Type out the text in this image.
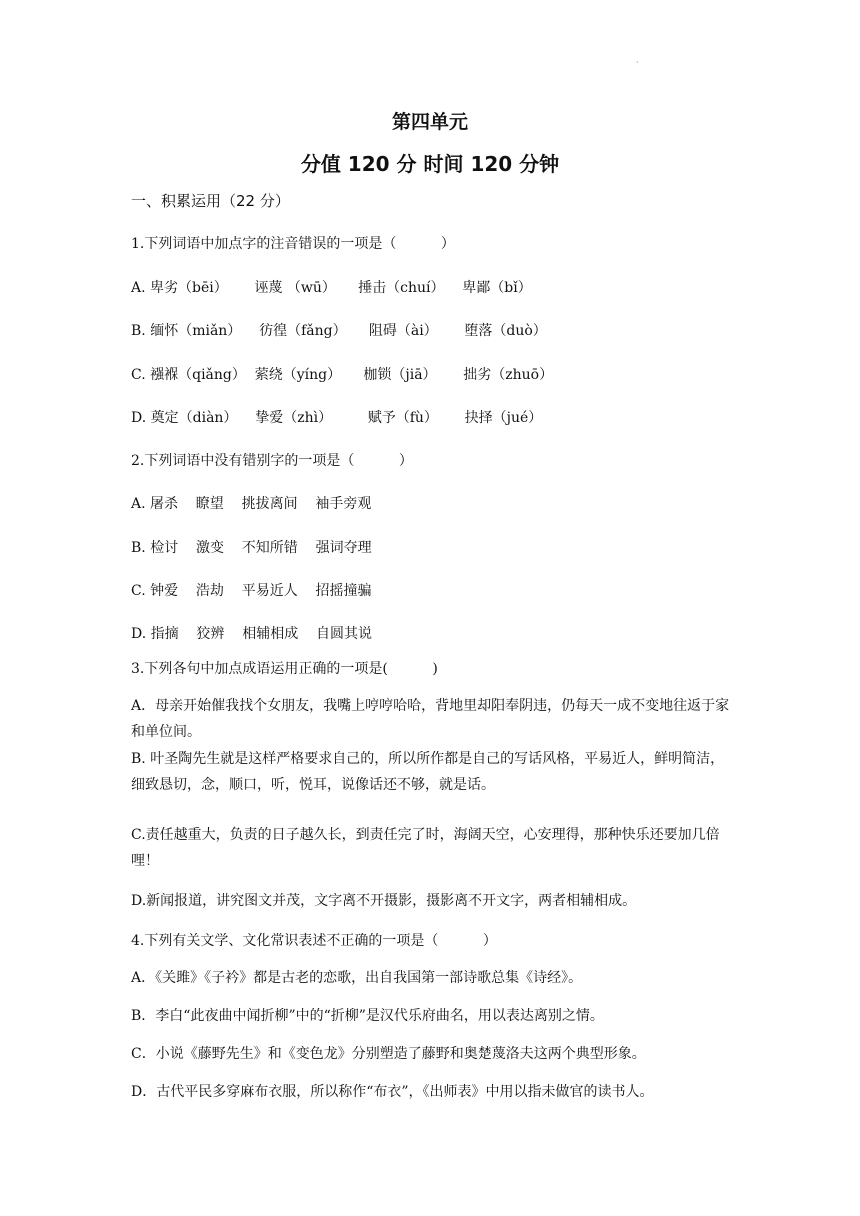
·
第四单元
分值 120 分 时间 120 分钟
一、积累运用（22 分）
1.下列词语中加点字的注音错误的一项是（          ）
A. 卑劣（bēi）      诬蔑 （wū）     捶击（chuí）    卑鄙（bǐ）
B. 缅怀（miǎn）    彷徨（fǎng）     阻碍（ài）      堕落（duò）
C. 襁褓（qiǎng）  萦绕（yíng）     枷锁（jiā）      拙劣（zhuō）
D. 奠定（diàn）    挚爱（zhì）        赋予（fù）      抉择（jué）
2.下列词语中没有错别字的一项是（          ）
A. 屠杀    瞭望    挑拔离间    袖手旁观
B. 检讨    激变    不知所错    强词夺理
C. 钟爱    浩劫    平易近人    招摇撞骗
D. 指摘    狡辨    相辅相成    自圆其说
3.下列各句中加点成语运用正确的一项是(          )
A．母亲开始催我找个女朋友，我嘴上哼哼哈哈，背地里却阳奉阴违，仍每天一成不变地往返于家和单位间。
B. 叶圣陶先生就是这样严格要求自己的，所以所作都是自己的写话风格，平易近人，鲜明简洁，细致恳切，念，顺口，听，悦耳，说像话还不够，就是话。
C.责任越重大，负责的日子越久长，到责任完了时，海阔天空，心安理得，那种快乐还要加几倍哩！
D.新闻报道，讲究图文并茂，文字离不开摄影，摄影离不开文字，两者相辅相成。
4.下列有关文学、文化常识表述不正确的一项是（          ）
A．《关雎》《子衿》都是古老的恋歌，出自我国第一部诗歌总集《诗经》。
B．李白“此夜曲中闻折柳”中的“折柳”是汉代乐府曲名，用以表达离别之情。
C．小说《藤野先生》和《变色龙》分别塑造了藤野和奥楚蔑洛夫这两个典型形象。
D．古代平民多穿麻布衣服，所以称作“布衣”，《出师表》中用以指未做官的读书人。
